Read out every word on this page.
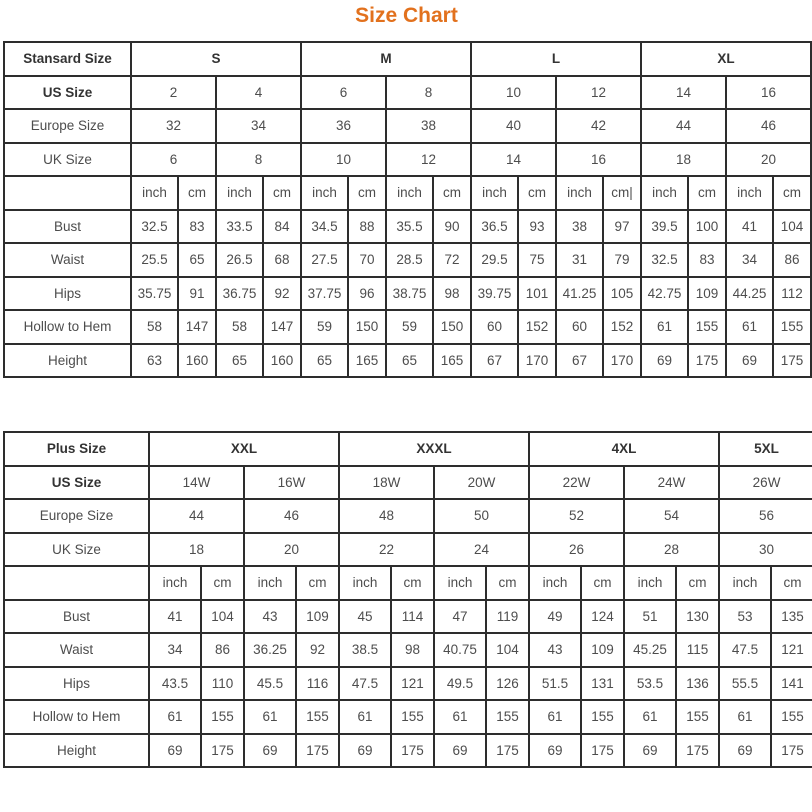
Size Chart
Stansard Size	S				M				L				XL			
US Size	2		4		6		8		10		12		14		16	
Europe Size	32		34		36		38		40		42		44		46	
UK Size	6		8		10		12		14		16		18		20	
	inch	cm	inch	cm	inch	cm	inch	cm	inch	cm	inch	cm|	inch	cm	inch	cm
Bust	32.5	83	33.5	84	34.5	88	35.5	90	36.5	93	38	97	39.5	100	41	104
Waist	25.5	65	26.5	68	27.5	70	28.5	72	29.5	75	31	79	32.5	83	34	86
Hips	35.75	91	36.75	92	37.75	96	38.75	98	39.75	101	41.25	105	42.75	109	44.25	112
Hollow to Hem	58	147	58	147	59	150	59	150	60	152	60	152	61	155	61	155
Height	63	160	65	160	65	165	65	165	67	170	67	170	69	175	69	175
Plus Size	XXL				XXXL				4XL				5XL	
US Size	14W		16W		18W		20W		22W		24W		26W	
Europe Size	44		46		48		50		52		54		56	
UK Size	18		20		22		24		26		28		30	
	inch	cm	inch	cm	inch	cm	inch	cm	inch	cm	inch	cm	inch	cm
Bust	41	104	43	109	45	114	47	119	49	124	51	130	53	135
Waist	34	86	36.25	92	38.5	98	40.75	104	43	109	45.25	115	47.5	121
Hips	43.5	110	45.5	116	47.5	121	49.5	126	51.5	131	53.5	136	55.5	141
Hollow to Hem	61	155	61	155	61	155	61	155	61	155	61	155	61	155
Height	69	175	69	175	69	175	69	175	69	175	69	175	69	175
